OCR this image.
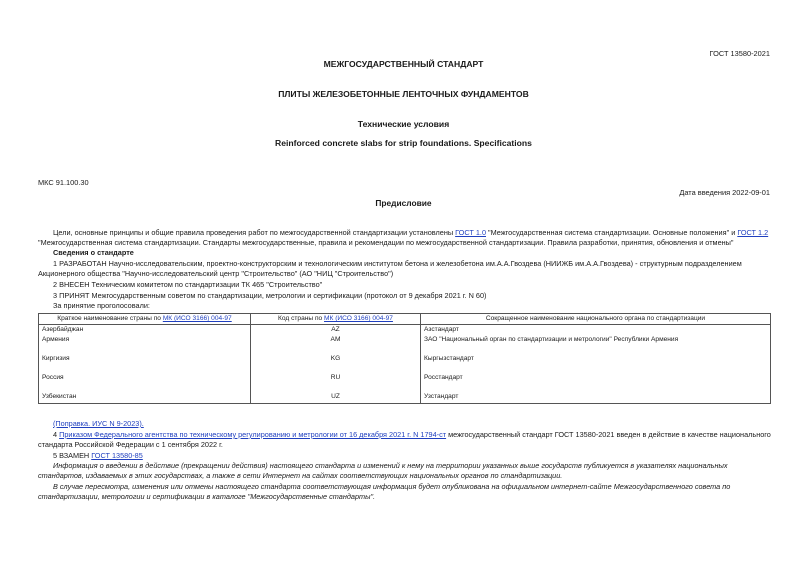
ГОСТ 13580-2021
МЕЖГОСУДАРСТВЕННЫЙ СТАНДАРТ
ПЛИТЫ ЖЕЛЕЗОБЕТОННЫЕ ЛЕНТОЧНЫХ ФУНДАМЕНТОВ
Технические условия
Reinforced concrete slabs for strip foundations. Specifications
МКС 91.100.30
Дата введения 2022-09-01
Предисловие
Цели, основные принципы и общие правила проведения работ по межгосударственной стандартизации установлены ГОСТ 1.0 "Межгосударственная система стандартизации. Основные положения" и ГОСТ 1.2
"Межгосударственная система стандартизации. Стандарты межгосударственные, правила и рекомендации по межгосударственной стандартизации. Правила разработки, принятия, обновления и отмены"
Сведения о стандарте
1 РАЗРАБОТАН Научно-исследовательским, проектно-конструкторским и технологическим институтом бетона и железобетона им.А.А.Гвоздева (НИИЖБ им.А.А.Гвоздева) - структурным подразделением
Акционерного общества "Научно-исследовательский центр "Строительство" (АО "НИЦ "Строительство")
2 ВНЕСЕН Техническим комитетом по стандартизации ТК 465 "Строительство"
3 ПРИНЯТ Межгосударственным советом по стандартизации, метрологии и сертификации (протокол от 9 декабря 2021 г. N 60)
За принятие проголосовали:
Краткое наименование страны по МК (ИСО 3166) 004-97	Код страны по МК (ИСО 3166) 004-97	Сокращенное наименование национального органа по стандартизации
Азербайджан	AZ	Азстандарт
Армения	AM	ЗАО "Национальный орган по стандартизации и метрологии" Республики Армения
Киргизия	KG	Кыргызстандарт
Россия	RU	Росстандарт
Узбекистан	UZ	Узстандарт
(Поправка. ИУС N 9-2023).
4 Приказом Федерального агентства по техническому регулированию и метрологии от 16 декабря 2021 г. N 1794-ст межгосударственный стандарт ГОСТ 13580-2021 введен в действие в качестве национального
стандарта Российской Федерации с 1 сентября 2022 г.
5 ВЗАМЕН ГОСТ 13580-85
Информация о введении в действие (прекращении действия) настоящего стандарта и изменений к нему на территории указанных выше государств публикуется в указателях национальных
стандартов, издаваемых в этих государствах, а также в сети Интернет на сайтах соответствующих национальных органов по стандартизации.
В случае пересмотра, изменения или отмены настоящего стандарта соответствующая информация будет опубликована на официальном интернет-сайте Межгосударственного совета по
стандартизации, метрологии и сертификации в каталоге "Межгосударственные стандарты".
